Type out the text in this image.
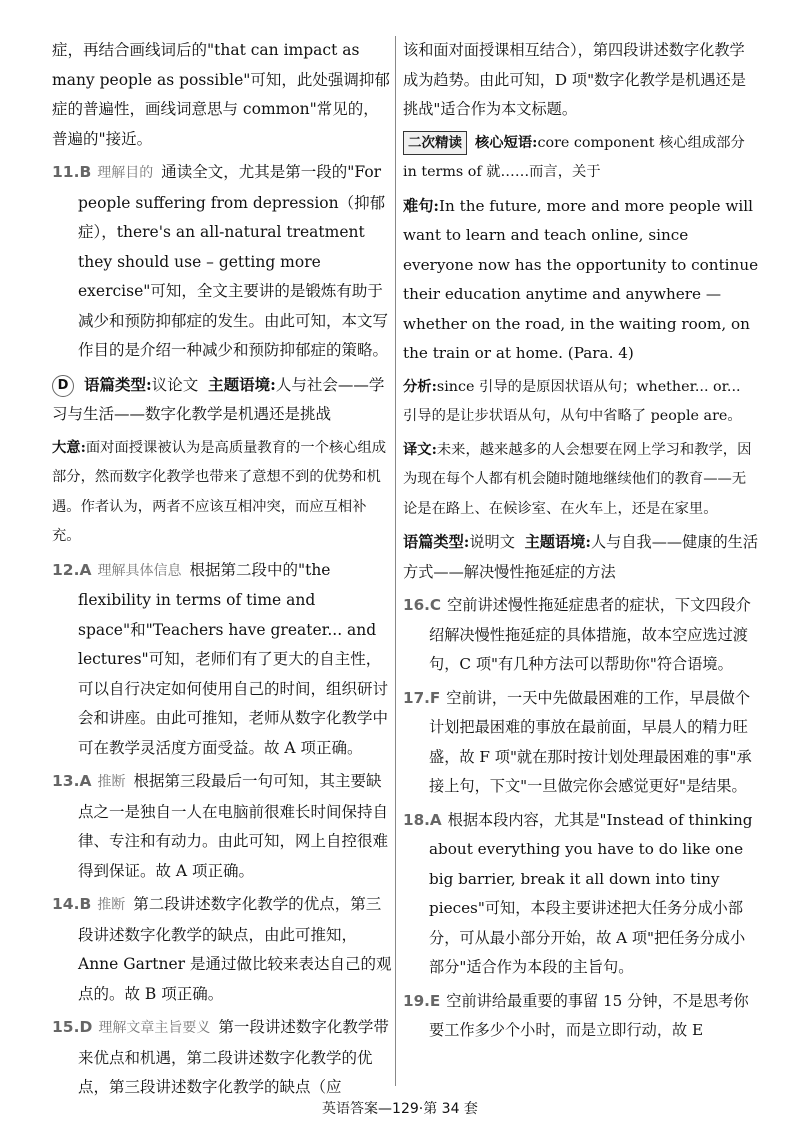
症，再结合画线词后的"that can impact as many people as possible"可知，此处强调抑郁症的普遍性，画线词意思与 common"常见的，普遍的"接近。

11.B 理解目的 通读全文，尤其是第一段的"For people suffering from depression（抑郁症），there's an all-natural treatment they should use – getting more exercise"可知，全文主要讲的是锻炼有助于减少和预防抑郁症的发生。由此可知，本文写作目的是介绍一种减少和预防抑郁症的策略。

D 语篇类型:议论文 主题语境:人与社会——学习与生活——数字化教学是机遇还是挑战

大意:面对面授课被认为是高质量教育的一个核心组成部分，然而数字化教学也带来了意想不到的优势和机遇。作者认为，两者不应该互相冲突，而应互相补充。

12.A 理解具体信息 根据第二段中的"the flexibility in terms of time and space"和"Teachers have greater... and lectures"可知，老师们有了更大的自主性，可以自行决定如何使用自己的时间，组织研讨会和讲座。由此可推知，老师从数字化教学中可在教学灵活度方面受益。故 A 项正确。

13.A 推断 根据第三段最后一句可知，其主要缺点之一是独自一人在电脑前很难长时间保持自律、专注和有动力。由此可知，网上自控很难得到保证。故 A 项正确。

14.B 推断 第二段讲述数字化教学的优点，第三段讲述数字化教学的缺点，由此可推知，Anne Gartner 是通过做比较来表达自己的观点的。故 B 项正确。

15.D 理解文章主旨要义 第一段讲述数字化教学带来优点和机遇，第二段讲述数字化教学的优点，第三段讲述数字化教学的缺点（应

该和面对面授课相互结合），第四段讲述数字化教学成为趋势。由此可知，D 项"数字化教学是机遇还是挑战"适合作为本文标题。

二次精读 核心短语:core component 核心组成部分 in terms of 就……而言，关于

难句:In the future, more and more people will want to learn and teach online, since everyone now has the opportunity to continue their education anytime and anywhere — whether on the road, in the waiting room, on the train or at home. (Para. 4)

分析:since 引导的是原因状语从句；whether... or... 引导的是让步状语从句，从句中省略了 people are。

译文:未来，越来越多的人会想要在网上学习和教学，因为现在每个人都有机会随时随地继续他们的教育——无论是在路上、在候诊室、在火车上，还是在家里。

语篇类型:说明文 主题语境:人与自我——健康的生活方式——解决慢性拖延症的方法

16.C 空前讲述慢性拖延症患者的症状，下文四段介绍解决慢性拖延症的具体措施，故本空应选过渡句，C 项"有几种方法可以帮助你"符合语境。

17.F 空前讲，一天中先做最困难的工作，早晨做个计划把最困难的事放在最前面，早晨人的精力旺盛，故 F 项"就在那时按计划处理最困难的事"承接上句，下文"一旦做完你会感觉更好"是结果。

18.A 根据本段内容，尤其是"Instead of thinking about everything you have to do like one big barrier, break it all down into tiny pieces"可知，本段主要讲述把大任务分成小部分，可从最小部分开始，故 A 项"把任务分成小部分"适合作为本段的主旨句。

19.E 空前讲给最重要的事留 15 分钟，不是思考你要工作多少个小时，而是立即行动，故 E

英语答案—129·第 34 套
